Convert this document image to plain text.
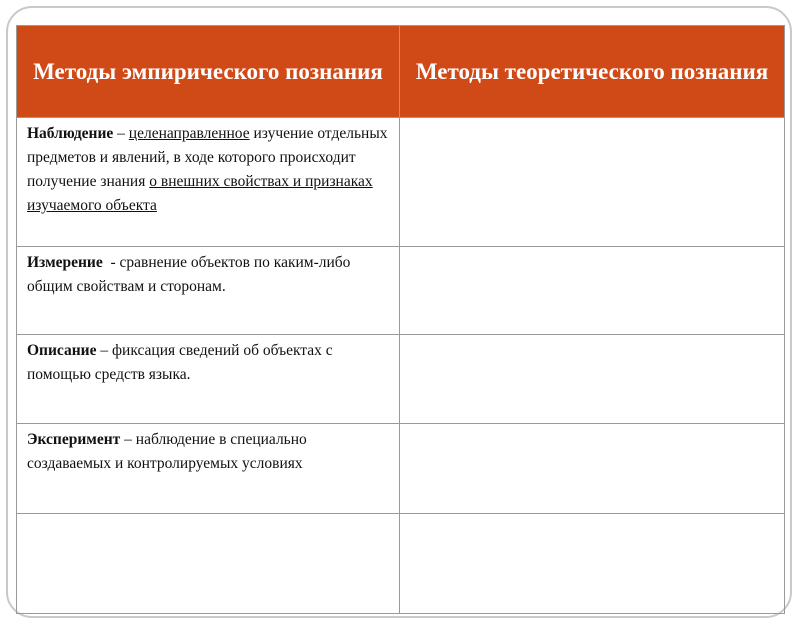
Методы эмпирического познания	Методы теоретического познания
Наблюдение – целенаправленное изучение отдельных предметов и явлений, в ходе которого происходит получение знания о внешних свойствах и признаках изучаемого объекта	
Измерение  - сравнение объектов по каким-либо общим свойствам и сторонам.	
Описание – фиксация сведений об объектах с помощью средств языка.	
Эксперимент – наблюдение в специально создаваемых и контролируемых условиях	
